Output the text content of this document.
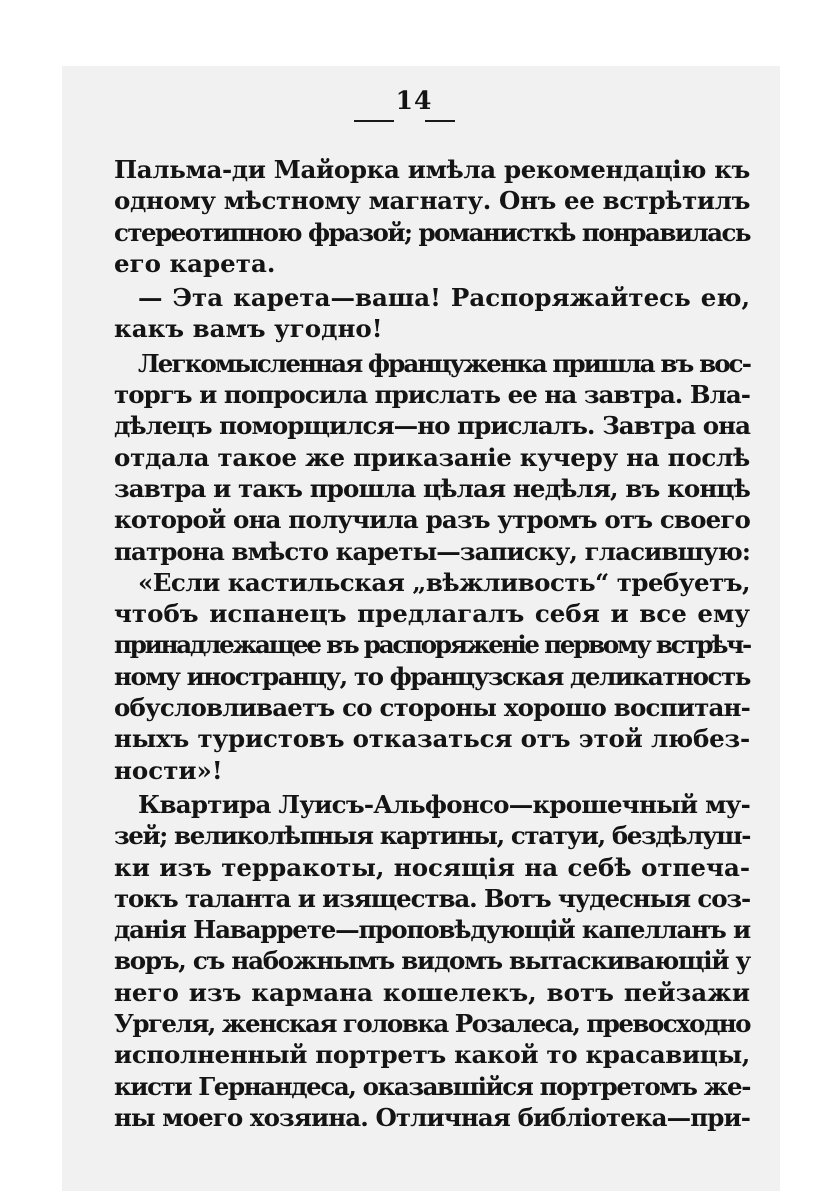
14
Пальма-ди Майорка имѣла рекомендацію къ
одному мѣстному магнату. Онъ ее встрѣтилъ
стереотипною фразой; романисткѣ понравилась
его карета.
— Эта карета—ваша! Распоряжайтесь ею,
какъ вамъ угодно!
Легкомысленная француженка пришла въ вос-
торгъ и попросила прислать ее на завтра. Вла-
дѣлецъ поморщился—но прислалъ. Завтра она
отдала такое же приказаніе кучеру на послѣ
завтра и такъ прошла цѣлая недѣля, въ концѣ
которой она получила разъ утромъ отъ своего
патрона вмѣсто кареты—записку, гласившую:
«Если кастильская „вѣжливость“ требуетъ,
чтобъ испанецъ предлагалъ себя и все ему
принадлежащее въ распоряженіе первому встрѣч-
ному иностранцу, то французская деликатность
обусловливаетъ со стороны хорошо воспитан-
ныхъ туристовъ отказаться отъ этой любез-
ности»!
Квартира Луисъ-Альфонсо—крошечный му-
зей; великолѣпныя картины, статуи, бездѣлуш-
ки изъ терракоты, носящія на себѣ отпеча-
токъ таланта и изящества. Вотъ чудесныя соз-
данія Наваррете—проповѣдующій капелланъ и
воръ, съ набожнымъ видомъ вытаскивающій у
него изъ кармана кошелекъ, вотъ пейзажи
Ургеля, женская головка Розалеса, превосходно
исполненный портретъ какой то красавицы,
кисти Гернандеса, оказавшійся портретомъ же-
ны моего хозяина. Отличная библіотека—при-
